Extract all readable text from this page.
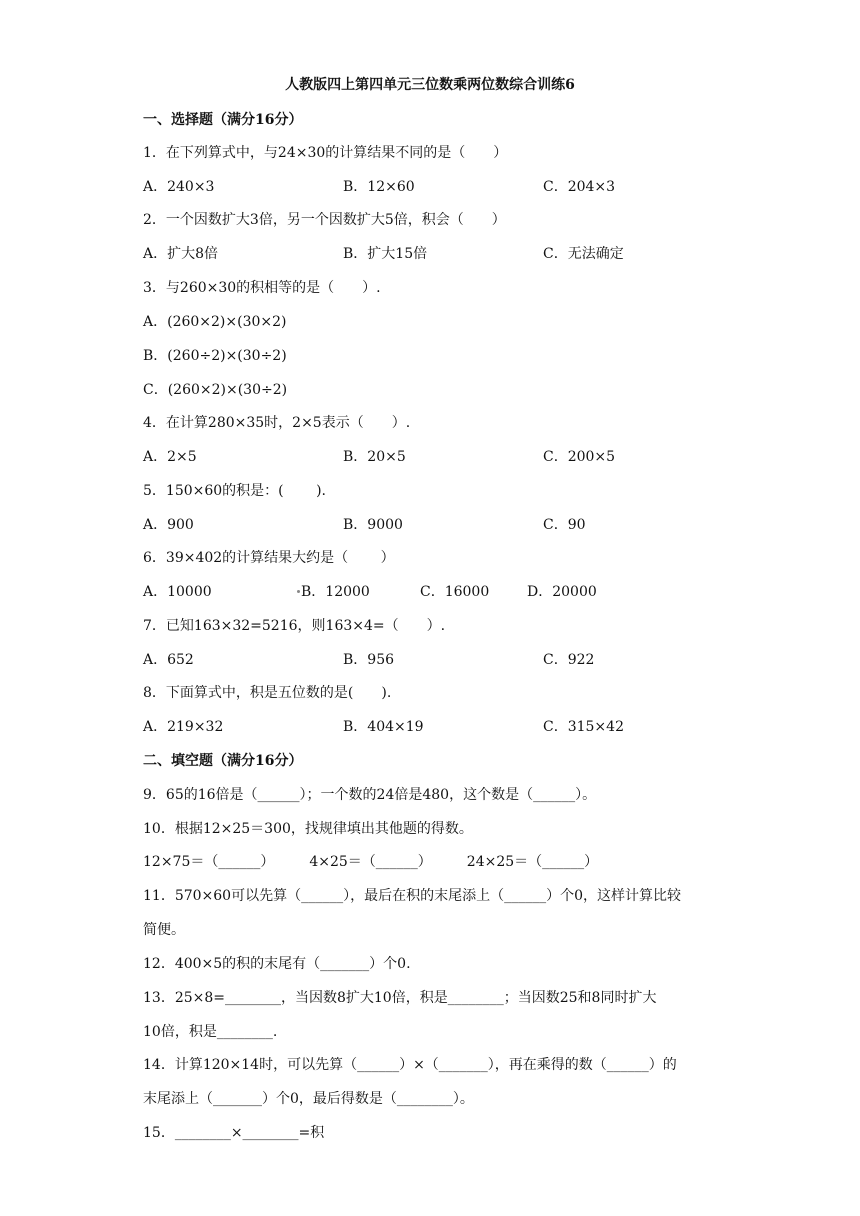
人教版四上第四单元三位数乘两位数综合训练6
一、选择题（满分16分）
1．在下列算式中，与24×30的计算结果不同的是（　　）
A．240×3	B．12×60	C．204×3
2．一个因数扩大3倍，另一个因数扩大5倍，积会（　　）
A．扩大8倍	B．扩大15倍	C．无法确定
3．与260×30的积相等的是（　　）.
A．(260×2)×(30×2)
B．(260÷2)×(30÷2)
C．(260×2)×(30÷2)
4．在计算280×35时，2×5表示（　　）.
A．2×5	B．20×5	C．200×5
5．150×60的积是：(　　 ).
A．900	B．9000	C．90
6．39×402的计算结果大约是（　　 ）
A．10000	B．12000	C．16000	D．20000
7．已知163×32=5216，则163×4=（　　）.
A．652	B．956	C．922
8．下面算式中，积是五位数的是(　　).
A．219×32	B．404×19	C．315×42
二、填空题（满分16分）
9．65的16倍是（______）；一个数的24倍是480，这个数是（______）。
10．根据12×25＝300，找规律填出其他题的得数。
12×75＝（______）　　　4×25＝（______）　　　24×25＝（______）
11．570×60可以先算（______），最后在积的末尾添上（______）个0，这样计算比较
简便。
12．400×5的积的末尾有（_______）个0.
13．25×8=________，当因数8扩大10倍，积是________；当因数25和8同时扩大
10倍，积是________.
14．计算120×14时，可以先算（______）×（_______），再在乘得的数（______）的
末尾添上（_______）个0，最后得数是（________）。
15．________×________=积
